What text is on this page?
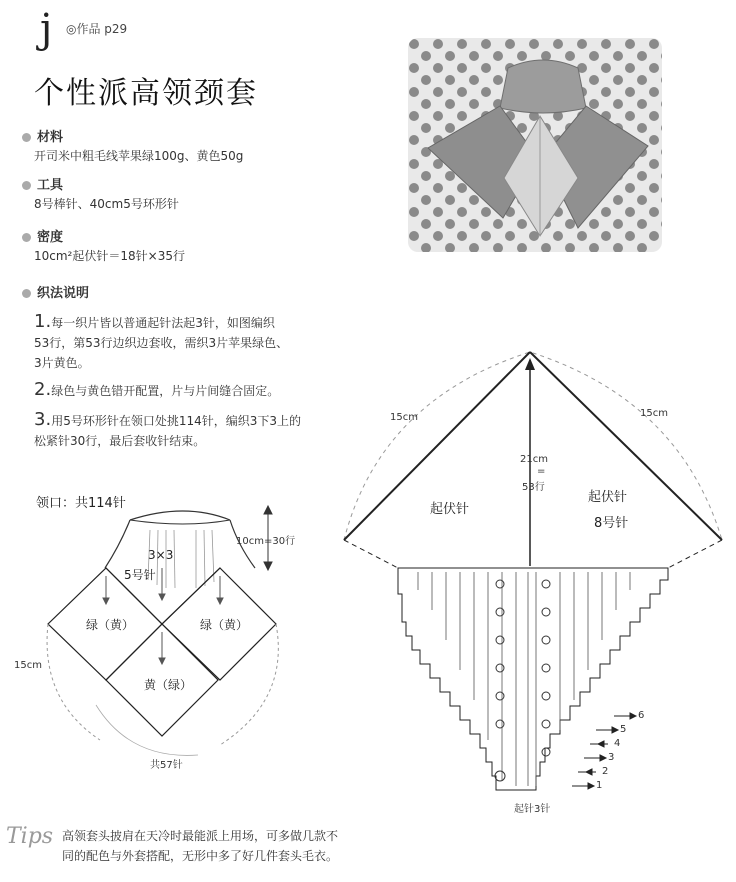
j ◎作品 p29
个性派高领颈套
材料
开司米中粗毛线苹果绿100g、黄色50g
工具
8号棒针、40cm5号环形针
密度
10cm²起伏针＝18针×35行
织法说明
1.每一织片皆以普通起针法起3针，如图编织
53行，第53行边织边套收，需织3片苹果绿色、
3片黄色。
2.绿色与黄色错开配置，片与片间缝合固定。
3.用5号环形针在领口处挑114针，编织3下3上的
松紧针30行，最后套收针结束。
领口：共114针
10cm=30行
3×3
5号针
绿（黄）	绿（黄）
黄（绿）
15cm
共57针
15cm	15cm
21cm
=
53行
起伏针
起伏针
8号针
起针3针
1
2
3
4
5
6
Tips 高领套头披肩在天冷时最能派上用场，可多做几款不
同的配色与外套搭配，无形中多了好几件套头毛衣。
